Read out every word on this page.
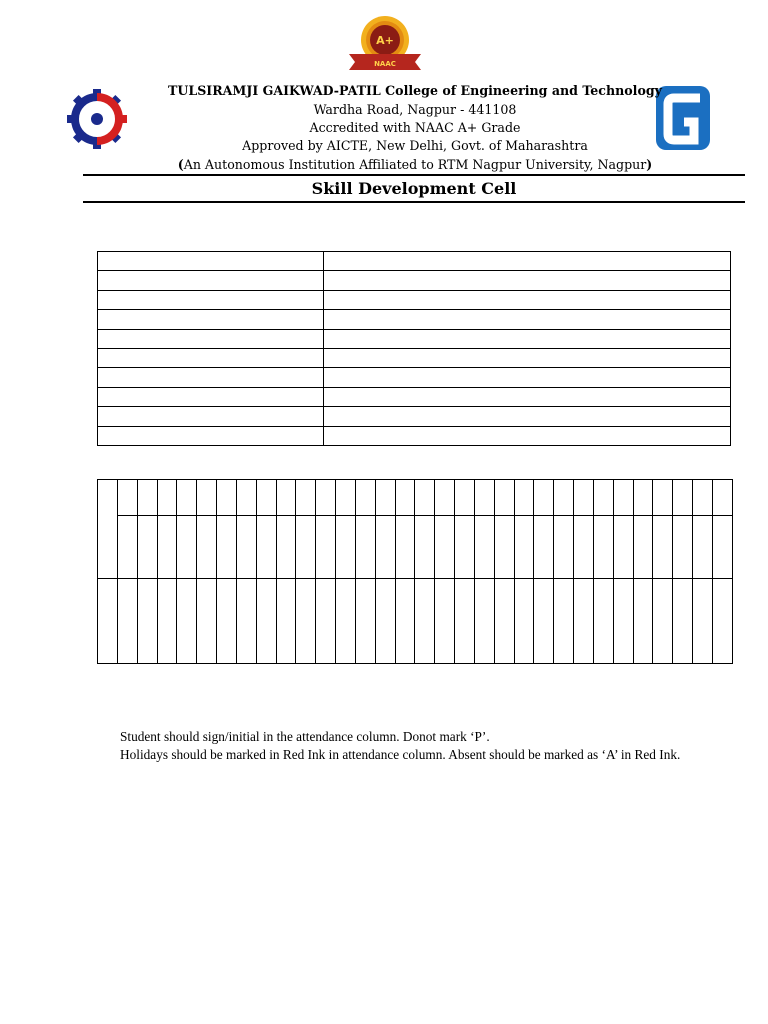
A+
NAAC
TULSIRAMJI GAIKWAD-PATIL College of Engineering and Technology
Wardha Road, Nagpur - 441108
Accredited with NAAC A+ Grade
Approved by AICTE, New Delhi, Govt. of Maharashtra
(An Autonomous Institution Affiliated to RTM Nagpur University, Nagpur)
Skill Development Cell

Student should sign/initial in the attendance column. Donot mark ‘P’.
Holidays should be marked in Red Ink in attendance column. Absent should be marked as ‘A’ in Red Ink.
